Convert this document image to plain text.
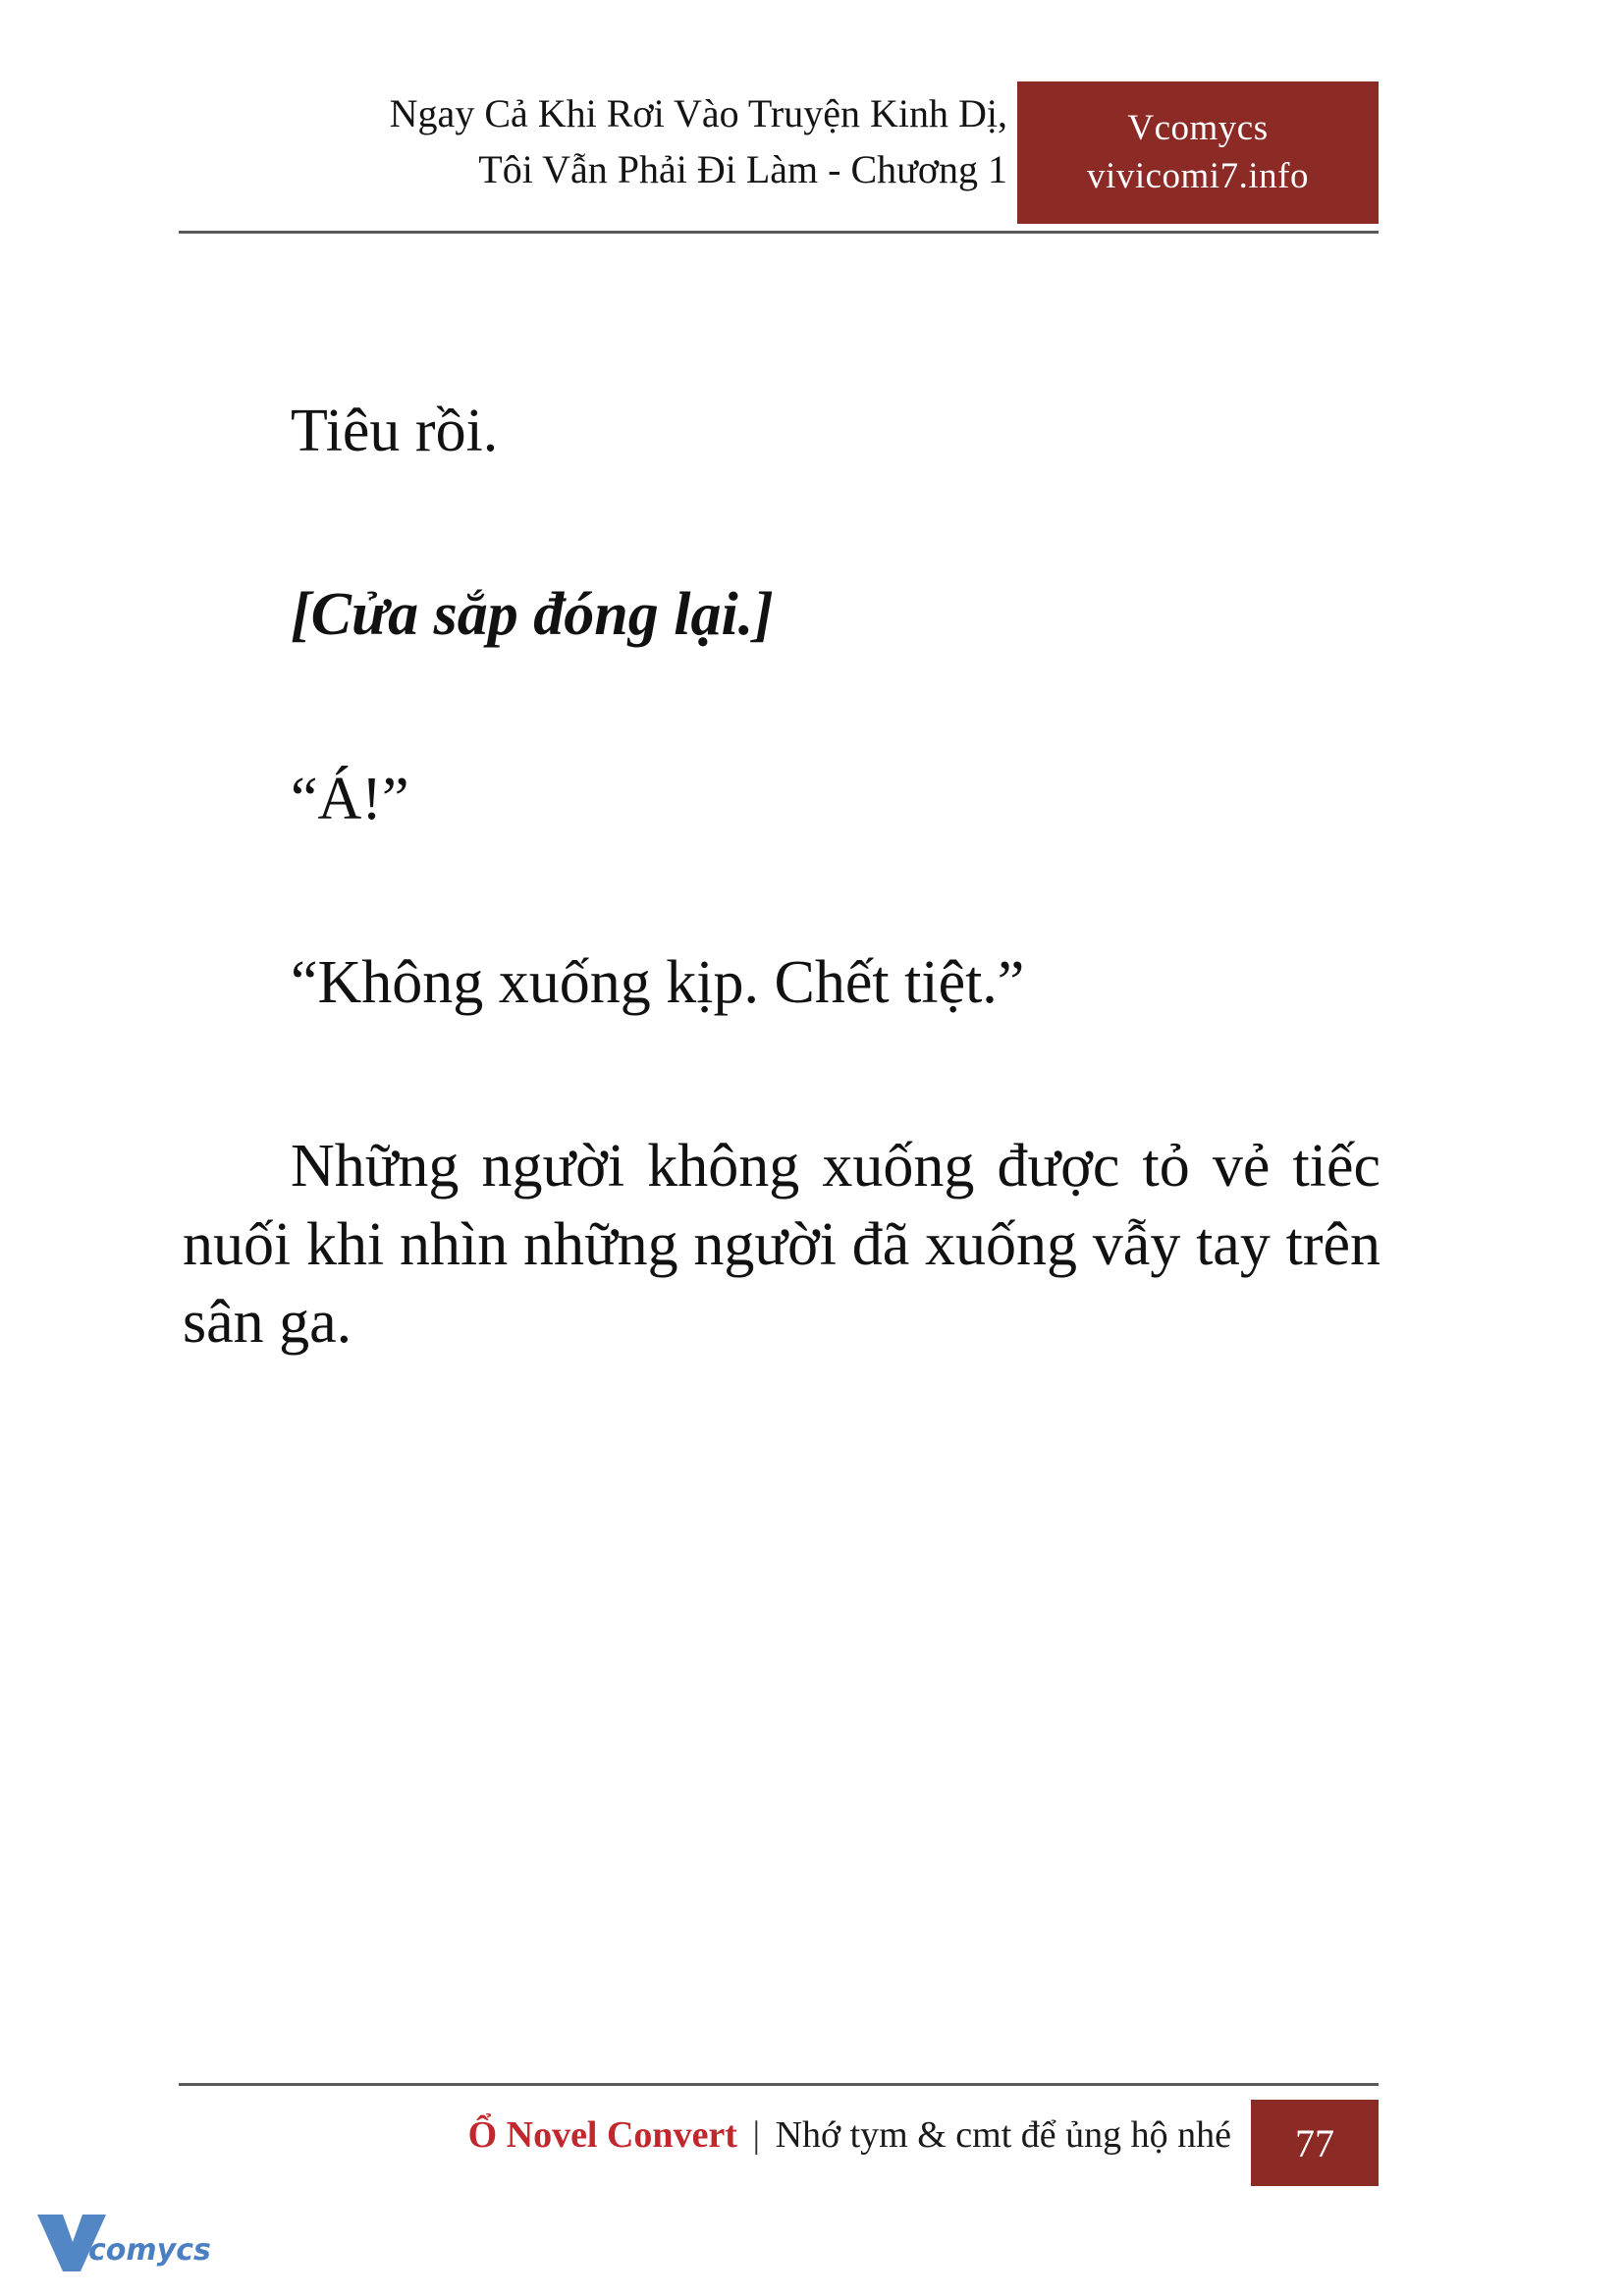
Ngay Cả Khi Rơi Vào Truyện Kinh Dị,
Tôi Vẫn Phải Đi Làm - Chương 1
Vcomycs
vivicomi7.info

Tiêu rồi.

[Cửa sắp đóng lại.]

“Á!”

“Không xuống kịp. Chết tiệt.”

Những người không xuống được tỏ vẻ tiếc nuối khi nhìn những người đã xuống vẫy tay trên sân ga.

Ổ Novel Convert | Nhớ tym & cmt để ủng hộ nhé	77
comycs
